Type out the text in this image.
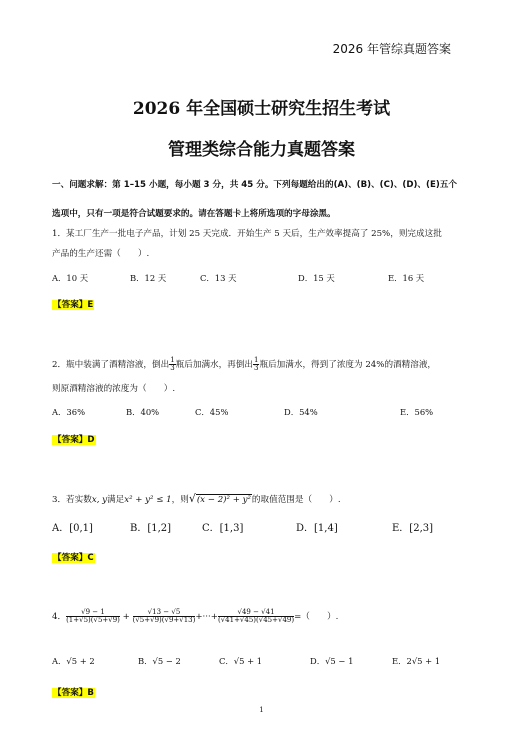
2026 年管综真题答案
2026 年全国硕士研究生招生考试
管理类综合能力真题答案
一、问题求解：第 1–15 小题，每小题 3 分，共 45 分。下列每题给出的(A)、(B)、(C)、(D)、(E)五个
选项中，只有一项是符合试题要求的。请在答题卡上将所选项的字母涂黑。
1．某工厂生产一批电子产品，计划 25 天完成．开始生产 5 天后，生产效率提高了 25%，则完成这批
产品的生产还需（　　）.
A．10 天	B．12 天	C．13 天	D．15 天	E．16 天
【答案】E
2．瓶中装满了酒精溶液，倒出 $\frac{1}{3}$ 瓶后加满水，再倒出 $\frac{1}{3}$ 瓶后加满水，得到了浓度为 24%的酒精溶液，
则原酒精溶液的浓度为（　　）.
A．36%	B．40%	C．45%	D．54%	E．56%
【答案】D
3．若实数x, y满足x² + y² ≤ 1，则√(x − 2)² + y²的取值范围是（　　）.
A．[0,1]	B．[1,2]	C．[1,3]	D．[1,4]	E．[2,3]
【答案】C
4． $\frac{√9 - 1}{(1+√5)(√5+√9)} + \frac{√13 - √5}{(√5+√9)(√9+√13)}$ +···+ $\frac{√49 - √41}{(√41+√45)(√45+√49)}$ =（　　）.
A．√5 + 2	B．√5 − 2	C．√5 + 1	D．√5 − 1	E．2√5 + 1
【答案】B
1
